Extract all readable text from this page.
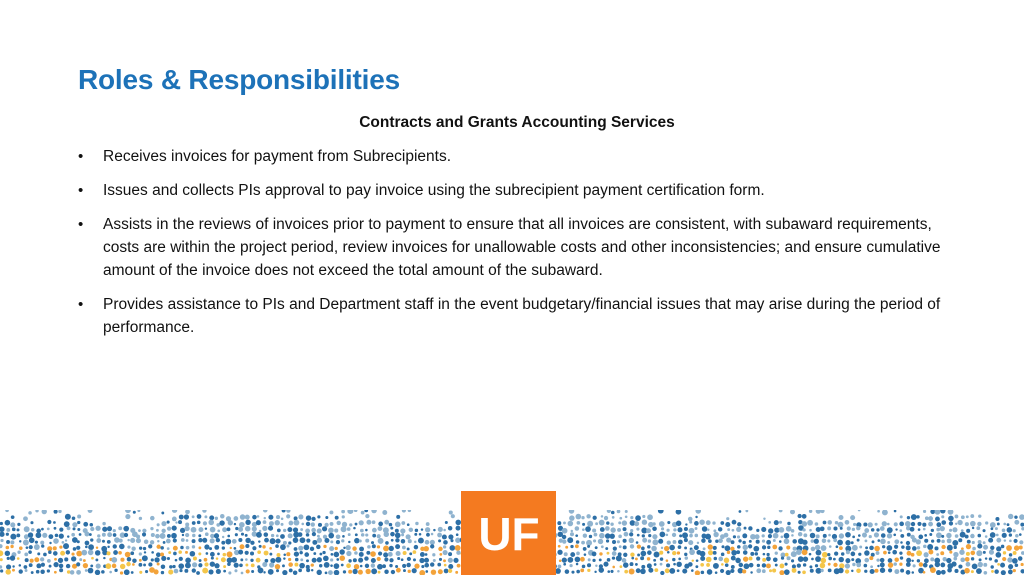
Roles & Responsibilities
Contracts and Grants Accounting Services
• Receives invoices for payment from Subrecipients.
• Issues and collects PIs approval to pay invoice using the subrecipient payment certification form.
• Assists in the reviews of invoices prior to payment to ensure that all invoices are consistent, with subaward requirements, costs are within the project period, review invoices for unallowable costs and other inconsistencies; and ensure cumulative amount of the invoice does not exceed the total amount of the subaward.
• Provides assistance to PIs and Department staff in the event budgetary/financial issues that may arise during the period of performance.
UF
